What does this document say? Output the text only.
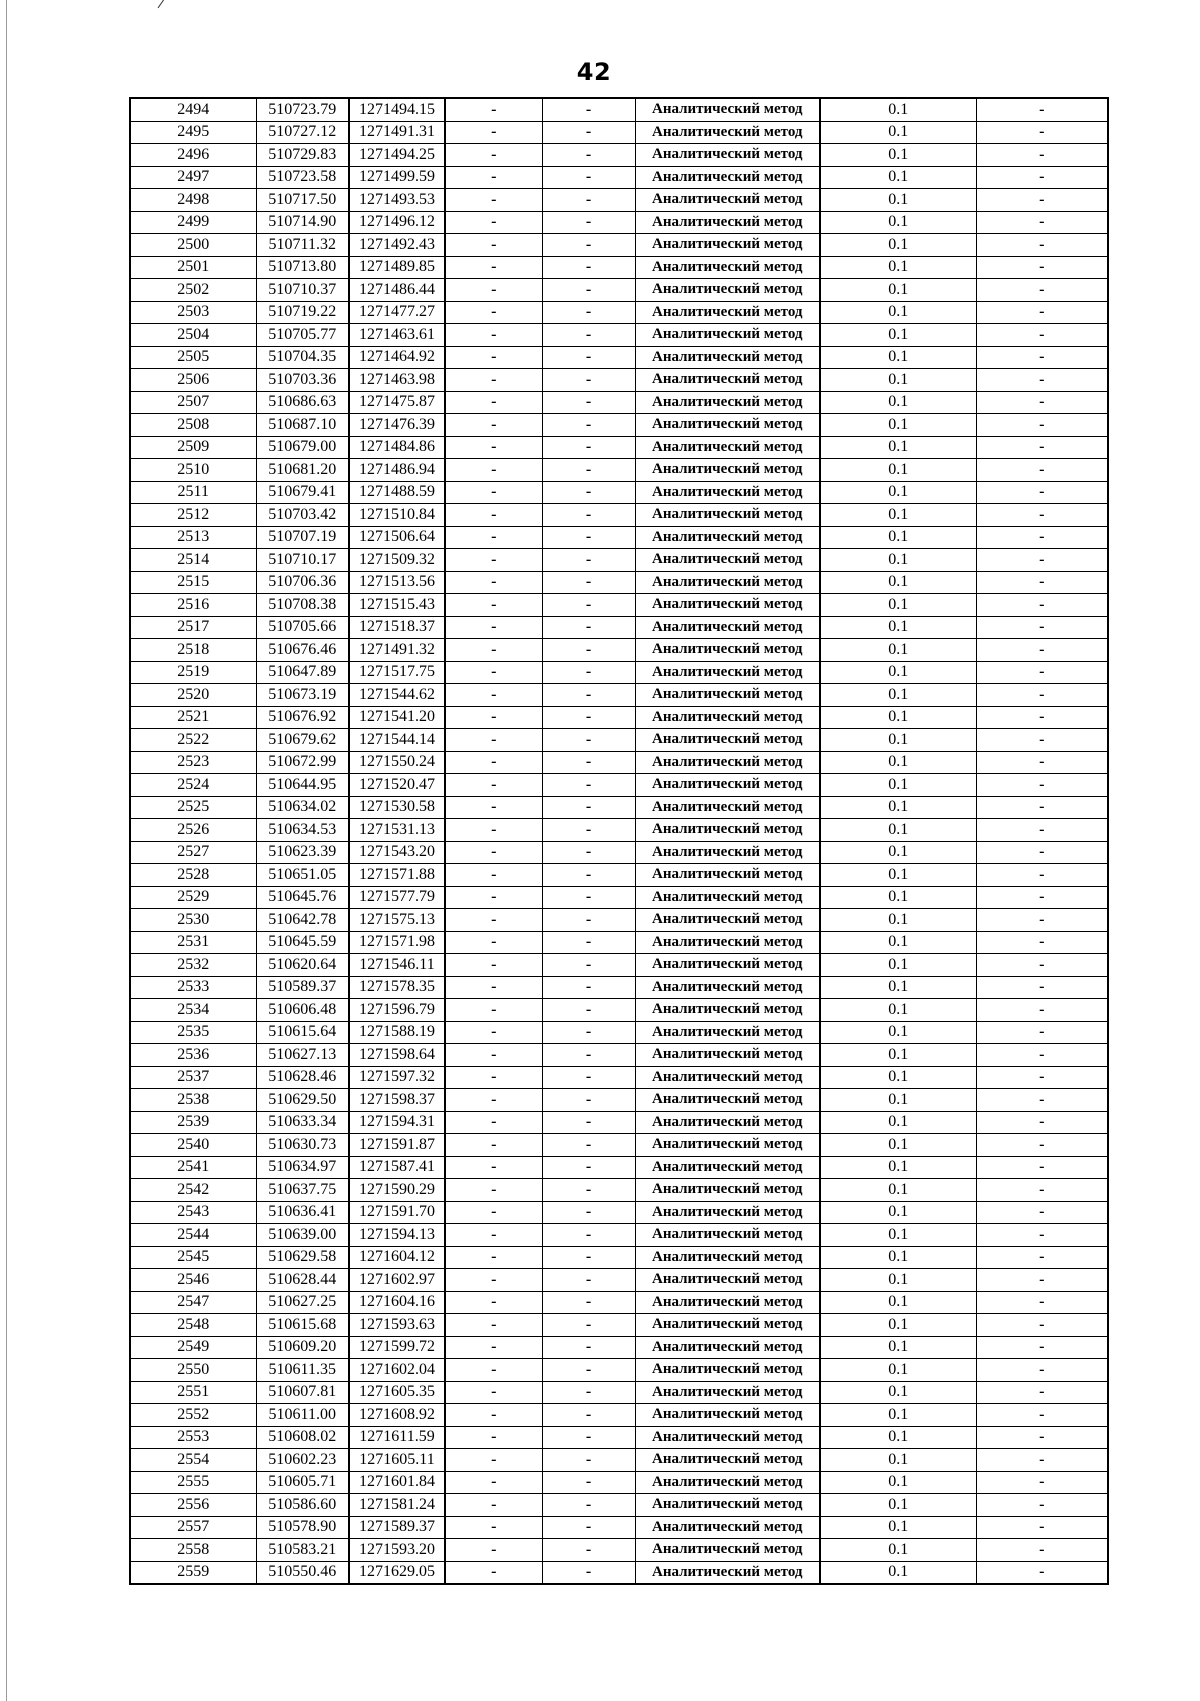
42
2494	510723.79	1271494.15	-	-	Аналитический метод	0.1	-
2495	510727.12	1271491.31	-	-	Аналитический метод	0.1	-
2496	510729.83	1271494.25	-	-	Аналитический метод	0.1	-
2497	510723.58	1271499.59	-	-	Аналитический метод	0.1	-
2498	510717.50	1271493.53	-	-	Аналитический метод	0.1	-
2499	510714.90	1271496.12	-	-	Аналитический метод	0.1	-
2500	510711.32	1271492.43	-	-	Аналитический метод	0.1	-
2501	510713.80	1271489.85	-	-	Аналитический метод	0.1	-
2502	510710.37	1271486.44	-	-	Аналитический метод	0.1	-
2503	510719.22	1271477.27	-	-	Аналитический метод	0.1	-
2504	510705.77	1271463.61	-	-	Аналитический метод	0.1	-
2505	510704.35	1271464.92	-	-	Аналитический метод	0.1	-
2506	510703.36	1271463.98	-	-	Аналитический метод	0.1	-
2507	510686.63	1271475.87	-	-	Аналитический метод	0.1	-
2508	510687.10	1271476.39	-	-	Аналитический метод	0.1	-
2509	510679.00	1271484.86	-	-	Аналитический метод	0.1	-
2510	510681.20	1271486.94	-	-	Аналитический метод	0.1	-
2511	510679.41	1271488.59	-	-	Аналитический метод	0.1	-
2512	510703.42	1271510.84	-	-	Аналитический метод	0.1	-
2513	510707.19	1271506.64	-	-	Аналитический метод	0.1	-
2514	510710.17	1271509.32	-	-	Аналитический метод	0.1	-
2515	510706.36	1271513.56	-	-	Аналитический метод	0.1	-
2516	510708.38	1271515.43	-	-	Аналитический метод	0.1	-
2517	510705.66	1271518.37	-	-	Аналитический метод	0.1	-
2518	510676.46	1271491.32	-	-	Аналитический метод	0.1	-
2519	510647.89	1271517.75	-	-	Аналитический метод	0.1	-
2520	510673.19	1271544.62	-	-	Аналитический метод	0.1	-
2521	510676.92	1271541.20	-	-	Аналитический метод	0.1	-
2522	510679.62	1271544.14	-	-	Аналитический метод	0.1	-
2523	510672.99	1271550.24	-	-	Аналитический метод	0.1	-
2524	510644.95	1271520.47	-	-	Аналитический метод	0.1	-
2525	510634.02	1271530.58	-	-	Аналитический метод	0.1	-
2526	510634.53	1271531.13	-	-	Аналитический метод	0.1	-
2527	510623.39	1271543.20	-	-	Аналитический метод	0.1	-
2528	510651.05	1271571.88	-	-	Аналитический метод	0.1	-
2529	510645.76	1271577.79	-	-	Аналитический метод	0.1	-
2530	510642.78	1271575.13	-	-	Аналитический метод	0.1	-
2531	510645.59	1271571.98	-	-	Аналитический метод	0.1	-
2532	510620.64	1271546.11	-	-	Аналитический метод	0.1	-
2533	510589.37	1271578.35	-	-	Аналитический метод	0.1	-
2534	510606.48	1271596.79	-	-	Аналитический метод	0.1	-
2535	510615.64	1271588.19	-	-	Аналитический метод	0.1	-
2536	510627.13	1271598.64	-	-	Аналитический метод	0.1	-
2537	510628.46	1271597.32	-	-	Аналитический метод	0.1	-
2538	510629.50	1271598.37	-	-	Аналитический метод	0.1	-
2539	510633.34	1271594.31	-	-	Аналитический метод	0.1	-
2540	510630.73	1271591.87	-	-	Аналитический метод	0.1	-
2541	510634.97	1271587.41	-	-	Аналитический метод	0.1	-
2542	510637.75	1271590.29	-	-	Аналитический метод	0.1	-
2543	510636.41	1271591.70	-	-	Аналитический метод	0.1	-
2544	510639.00	1271594.13	-	-	Аналитический метод	0.1	-
2545	510629.58	1271604.12	-	-	Аналитический метод	0.1	-
2546	510628.44	1271602.97	-	-	Аналитический метод	0.1	-
2547	510627.25	1271604.16	-	-	Аналитический метод	0.1	-
2548	510615.68	1271593.63	-	-	Аналитический метод	0.1	-
2549	510609.20	1271599.72	-	-	Аналитический метод	0.1	-
2550	510611.35	1271602.04	-	-	Аналитический метод	0.1	-
2551	510607.81	1271605.35	-	-	Аналитический метод	0.1	-
2552	510611.00	1271608.92	-	-	Аналитический метод	0.1	-
2553	510608.02	1271611.59	-	-	Аналитический метод	0.1	-
2554	510602.23	1271605.11	-	-	Аналитический метод	0.1	-
2555	510605.71	1271601.84	-	-	Аналитический метод	0.1	-
2556	510586.60	1271581.24	-	-	Аналитический метод	0.1	-
2557	510578.90	1271589.37	-	-	Аналитический метод	0.1	-
2558	510583.21	1271593.20	-	-	Аналитический метод	0.1	-
2559	510550.46	1271629.05	-	-	Аналитический метод	0.1	-
